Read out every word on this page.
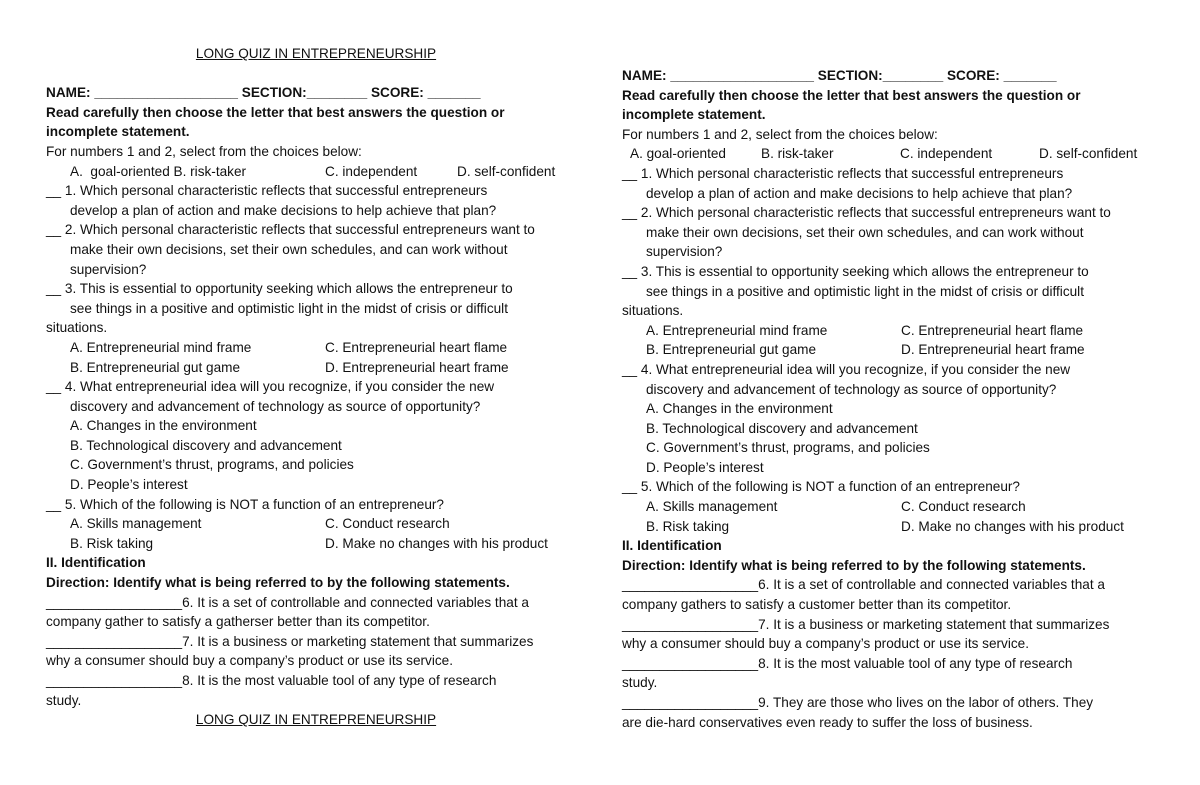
LONG QUIZ IN ENTREPRENEURSHIP
NAME: ___________________ SECTION:________ SCORE: _______
Read carefully then choose the letter that best answers the question or
incomplete statement.
For numbers 1 and 2, select from the choices below:
A.  goal-oriented B. risk-taker	C. independent	D. self-confident
__ 1. Which personal characteristic reflects that successful entrepreneurs
develop a plan of action and make decisions to help achieve that plan?
__ 2. Which personal characteristic reflects that successful entrepreneurs want to
make their own decisions, set their own schedules, and can work without
supervision?
__ 3. This is essential to opportunity seeking which allows the entrepreneur to
see things in a positive and optimistic light in the midst of crisis or difficult
situations.
A. Entrepreneurial mind frame	C. Entrepreneurial heart flame
B. Entrepreneurial gut game	D. Entrepreneurial heart frame
__ 4. What entrepreneurial idea will you recognize, if you consider the new
discovery and advancement of technology as source of opportunity?
A. Changes in the environment
B. Technological discovery and advancement
C. Government’s thrust, programs, and policies
D. People’s interest
__ 5. Which of the following is NOT a function of an entrepreneur?
A. Skills management	C. Conduct research
B. Risk taking	D. Make no changes with his product
II. Identification
Direction: Identify what is being referred to by the following statements.
__________________6. It is a set of controllable and connected variables that a
company gather to satisfy a gatherser better than its competitor.
__________________7. It is a business or marketing statement that summarizes
why a consumer should buy a company’s product or use its service.
__________________8. It is the most valuable tool of any type of research
study.
LONG QUIZ IN ENTREPRENEURSHIP
NAME: ___________________ SECTION:________ SCORE: _______
Read carefully then choose the letter that best answers the question or
incomplete statement.
For numbers 1 and 2, select from the choices below:
A. goal-oriented	B. risk-taker	C. independent	D. self-confident
__ 1. Which personal characteristic reflects that successful entrepreneurs
develop a plan of action and make decisions to help achieve that plan?
__ 2. Which personal characteristic reflects that successful entrepreneurs want to
make their own decisions, set their own schedules, and can work without
supervision?
__ 3. This is essential to opportunity seeking which allows the entrepreneur to
see things in a positive and optimistic light in the midst of crisis or difficult
situations.
A. Entrepreneurial mind frame	C. Entrepreneurial heart flame
B. Entrepreneurial gut game	D. Entrepreneurial heart frame
__ 4. What entrepreneurial idea will you recognize, if you consider the new
discovery and advancement of technology as source of opportunity?
A. Changes in the environment
B. Technological discovery and advancement
C. Government’s thrust, programs, and policies
D. People’s interest
__ 5. Which of the following is NOT a function of an entrepreneur?
A. Skills management	C. Conduct research
B. Risk taking	D. Make no changes with his product
II. Identification
Direction: Identify what is being referred to by the following statements.
__________________6. It is a set of controllable and connected variables that a
company gathers to satisfy a customer better than its competitor.
__________________7. It is a business or marketing statement that summarizes
why a consumer should buy a company’s product or use its service.
__________________8. It is the most valuable tool of any type of research
study.
__________________9. They are those who lives on the labor of others. They
are die-hard conservatives even ready to suffer the loss of business.
